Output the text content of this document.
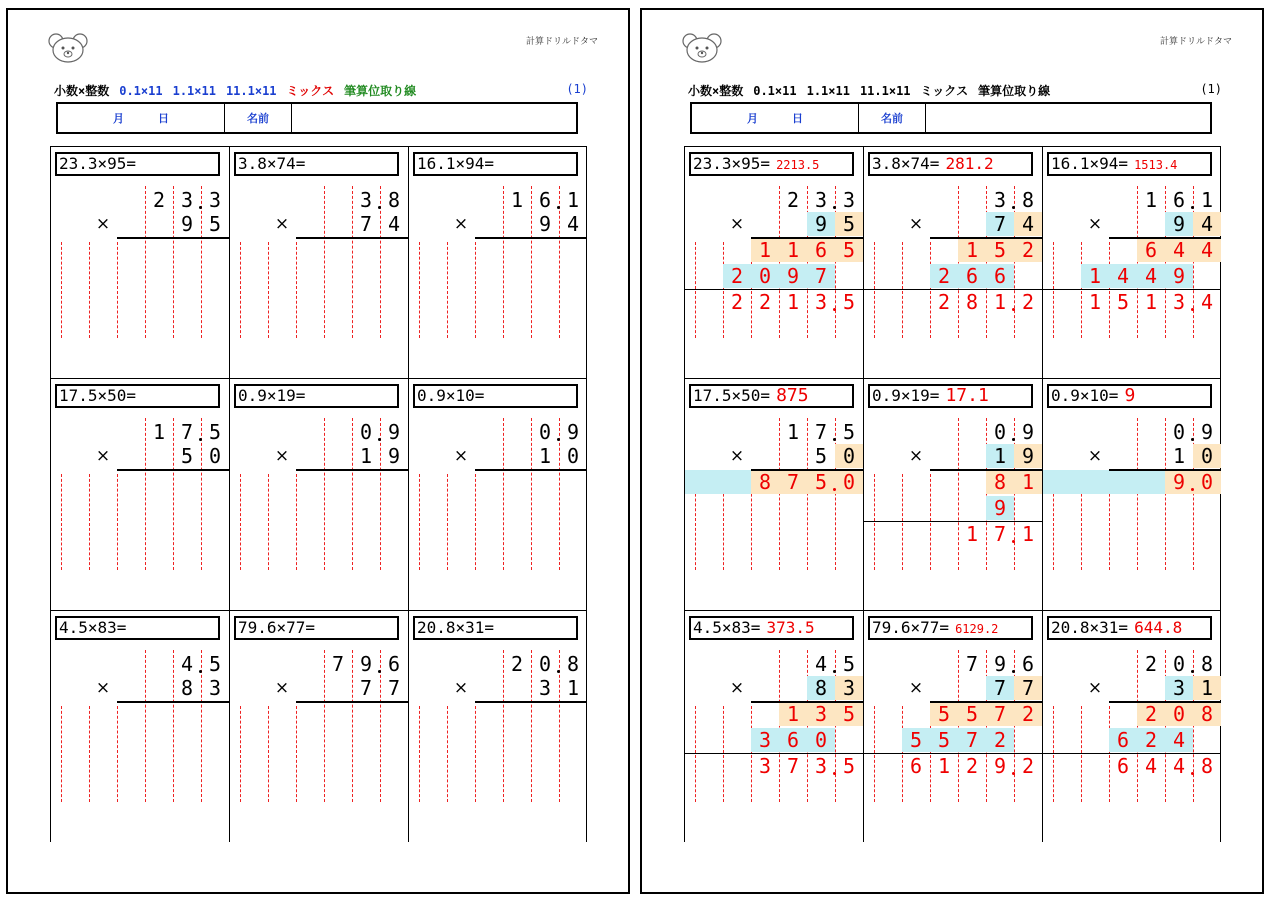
計算ドリルドタマ
小数×整数 0.1×11 1.1×11 11.1×11 ミックス 筆算位取り線	(1)
月	日	名前
23.3×95=
2 3 3
9 5
×
3.8×74=
3 8
7 4
×
16.1×94=
1 6 1
9 4
×
17.5×50=
1 7 5
5 0
×
0.9×19=
0 9
1 9
×
0.9×10=
0 9
1 0
×
4.5×83=
4 5
8 3
×
79.6×77=
7 9 6
7 7
×
20.8×31=
2 0 8
3 1
×
計算ドリルドタマ
小数×整数 0.1×11 1.1×11 11.1×11 ミックス 筆算位取り線	(1)
月	日	名前
23.3×95= 2213.5
2 3 3
9 5
×
1 1 6 5
2 0 9 7
2 2 1 3 5
3.8×74= 281.2
3 8
7 4
×
1 5 2
2 6 6
2 8 1 2
16.1×94= 1513.4
1 6 1
9 4
×
6 4 4
1 4 4 9
1 5 1 3 4
17.5×50= 875
1 7 5
5 0
×
8 7 5 0
0.9×19= 17.1
0 9
1 9
×
8 1
9
1 7 1
0.9×10= 9
0 9
1 0
×
9 0
4.5×83= 373.5
4 5
8 3
×
1 3 5
3 6 0
3 7 3 5
79.6×77= 6129.2
7 9 6
7 7
×
5 5 7 2
5 5 7 2
6 1 2 9 2
20.8×31= 644.8
2 0 8
3 1
×
2 0 8
6 2 4
6 4 4 8
